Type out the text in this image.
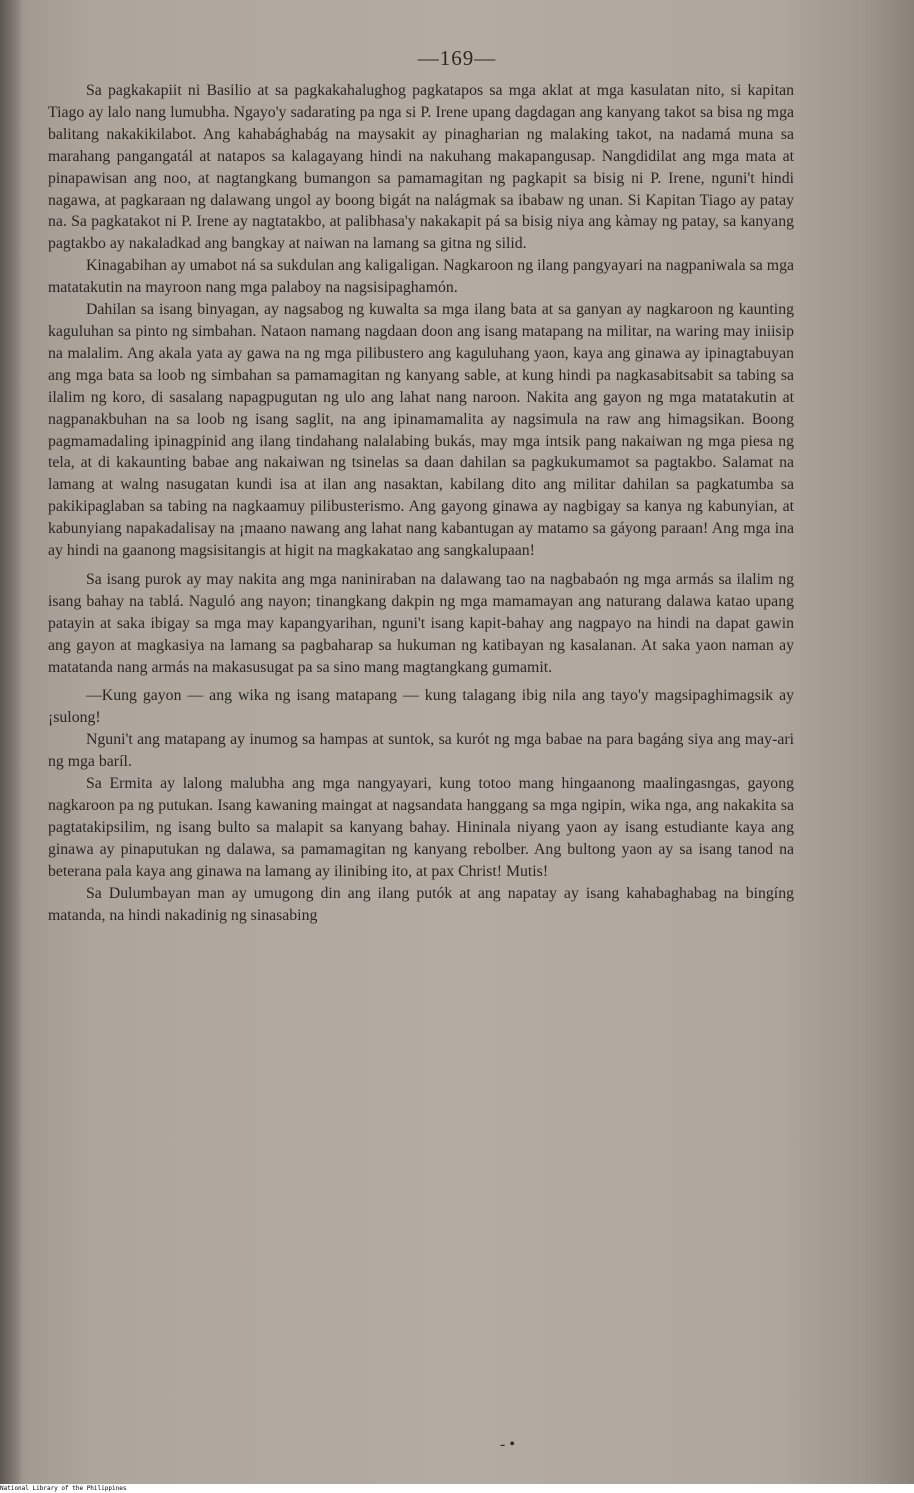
—169—

Sa pagkakapiit ni Basilio at sa pagkakahalughog pagkatapos sa mga aklat at mga kasulatan nito, si kapitan Tiago ay lalo nang lumubha. Ngayo'y sadarating pa nga si P. Irene upang dagdagan ang kanyang takot sa bisa ng mga balitang nakakikilabot. Ang kahabághabág na maysakit ay pinagharian ng malaking takot, na nadamá muna sa marahang pangangatál at natapos sa kalagayang hindi na nakuhang makapangusap. Nangdidilat ang mga mata at pinapawisan ang noo, at nagtangkang bumangon sa pamamagitan ng pagkapit sa bisig ni P. Irene, nguni't hindi nagawa, at pagkaraan ng dalawang ungol ay boong bigát na nalágmak sa ibabaw ng unan. Si Kapitan Tiago ay patay na. Sa pagkatakot ni P. Irene ay nagtatakbo, at palibhasa'y nakakapit pá sa bisig niya ang kàmay ng patay, sa kanyang pagtakbo ay nakaladkad ang bangkay at naiwan na lamang sa gitna ng silid.

Kinagabihan ay umabot ná sa sukdulan ang kaligaligan. Nagkaroon ng ilang pangyayari na nagpaniwala sa mga matatakutin na mayroon nang mga palaboy na nagsisipaghamón.

Dahilan sa isang binyagan, ay nagsabog ng kuwalta sa mga ilang bata at sa ganyan ay nagkaroon ng kaunting kaguluhan sa pinto ng simbahan. Nataon namang nagdaan doon ang isang matapang na militar, na waring may iniisip na malalim. Ang akala yata ay gawa na ng mga pilibustero ang kaguluhang yaon, kaya ang ginawa ay ipinagtabuyan ang mga bata sa loob ng simbahan sa pamamagitan ng kanyang sable, at kung hindi pa nagkasabitsabit sa tabing sa ilalim ng koro, di sasalang napagpugutan ng ulo ang lahat nang naroon. Nakita ang gayon ng mga matatakutin at nagpanakbuhan na sa loob ng isang saglit, na ang ipinamamalita ay nagsimula na raw ang himagsikan. Boong pagmamadaling ipinagpinid ang ilang tindahang nalalabing bukás, may mga intsik pang nakaiwan ng mga piesa ng tela, at di kakaunting babae ang nakaiwan ng tsinelas sa daan dahilan sa pagkukumamot sa pagtakbo. Salamat na lamang at walng nasugatan kundi isa at ilan ang nasaktan, kabilang dito ang militar dahilan sa pagkatumba sa pakikipaglaban sa tabing na nagkaamuy pilibusterismo. Ang gayong ginawa ay nagbigay sa kanya ng kabunyian, at kabunyiang napakadalisay na ¡maano nawang ang lahat nang kabantugan ay matamo sa gáyong paraan! Ang mga ina ay hindi na gaanong magsisitangis at higit na magkakatao ang sangkalupaan!

Sa isang purok ay may nakita ang mga naniniraban na dalawang tao na nagbabaón ng mga armás sa ilalim ng isang bahay na tablá. Naguló ang nayon; tinangkang dakpin ng mga mamamayan ang naturang dalawa katao upang patayin at saka ibigay sa mga may kapangyarihan, nguni't isang kapit-bahay ang nagpayo na hindi na dapat gawin ang gayon at magkasiya na lamang sa pagbaharap sa hukuman ng katibayan ng kasalanan. At saka yaon naman ay matatanda nang armás na makasusugat pa sa sino mang magtangkang gumamit.

—Kung gayon — ang wika ng isang matapang — kung talagang ibig nila ang tayo'y magsipaghimagsik ay ¡sulong!

Nguni't ang matapang ay inumog sa hampas at suntok, sa kurót ng mga babae na para bagáng siya ang may-ari ng mga baríl.

Sa Ermita ay lalong malubha ang mga nangyayari, kung totoo mang hingaanong maalingasngas, gayong nagkaroon pa ng putukan. Isang kawaning maingat at nagsandata hanggang sa mga ngipin, wika nga, ang nakakita sa pagtatakipsilim, ng isang bulto sa malapit sa kanyang bahay. Hininala niyang yaon ay isang estudiante kaya ang ginawa ay pinaputukan ng dalawa, sa pamamagitan ng kanyang rebolber. Ang bultong yaon ay sa isang tanod na beterana pala kaya ang ginawa na lamang ay ilinibing ito, at pax Christ! Mutis!

Sa Dulumbayan man ay umugong din ang ilang putók at ang napatay ay isang kahabaghabag na bingíng matanda, na hindi nakadinig ng sinasabing

- •
National Library of the Philippines
